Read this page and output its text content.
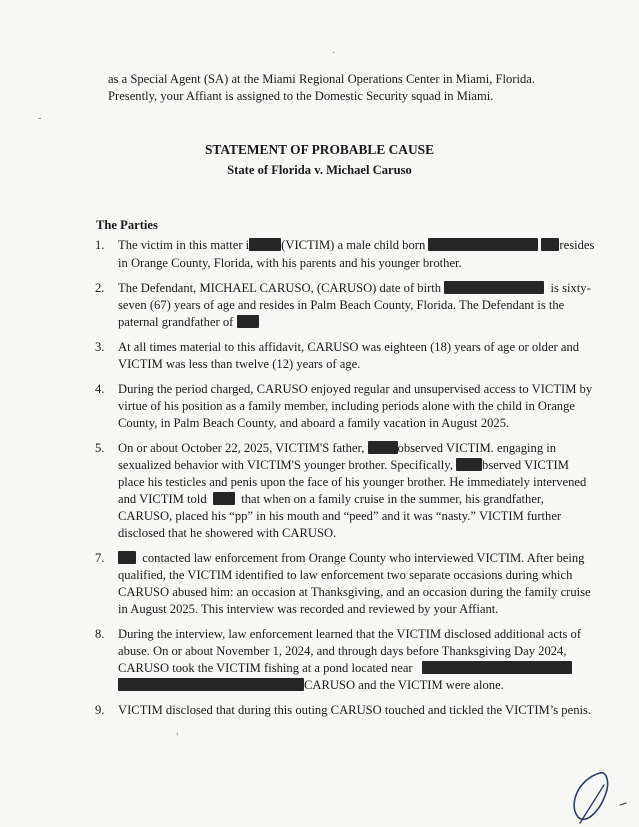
as a Special Agent (SA) at the Miami Regional Operations Center in Miami, Florida.
Presently, your Affiant is assigned to the Domestic Security squad in Miami.
STATEMENT OF PROBABLE CAUSE
State of Florida v. Michael Caruso
The Parties
1. The victim in this matter i	(VICTIM) a male child born	resides
in Orange County, Florida, with his parents and his younger brother.
2. The Defendant, MICHAEL CARUSO, (CARUSO) date of birth	is sixty-
seven (67) years of age and resides in Palm Beach County, Florida. The Defendant is the
paternal grandfather of
3. At all times material to this affidavit, CARUSO was eighteen (18) years of age or older and
VICTIM was less than twelve (12) years of age.
4. During the period charged, CARUSO enjoyed regular and unsupervised access to VICTIM by
virtue of his position as a family member, including periods alone with the child in Orange
County, in Palm Beach County, and aboard a family vacation in August 2025.
5. On or about October 22, 2025, VICTIM'S father,	observed VICTIM. engaging in
sexualized behavior with VICTIM'S younger brother. Specifically, bserved VICTIM
place his testicles and penis upon the face of his younger brother. He immediately intervened
and VICTIM told	that when on a family cruise in the summer, his grandfather,
CARUSO, placed his “pp” in his mouth and “peed” and it was “nasty.” VICTIM further
disclosed that he showered with CARUSO.
7.	contacted law enforcement from Orange County who interviewed VICTIM. After being
qualified, the VICTIM identified to law enforcement two separate occasions during which
CARUSO abused him: an occasion at Thanksgiving, and an occasion during the family cruise
in August 2025. This interview was recorded and reviewed by your Affiant.
8. During the interview, law enforcement learned that the VICTIM disclosed additional acts of
abuse. On or about November 1, 2024, and through days before Thanksgiving Day 2024,
CARUSO took the VICTIM fishing at a pond located near
CARUSO and the VICTIM were alone.
9. VICTIM disclosed that during this outing CARUSO touched and tickled the VICTIM’s penis.
·
-
,
